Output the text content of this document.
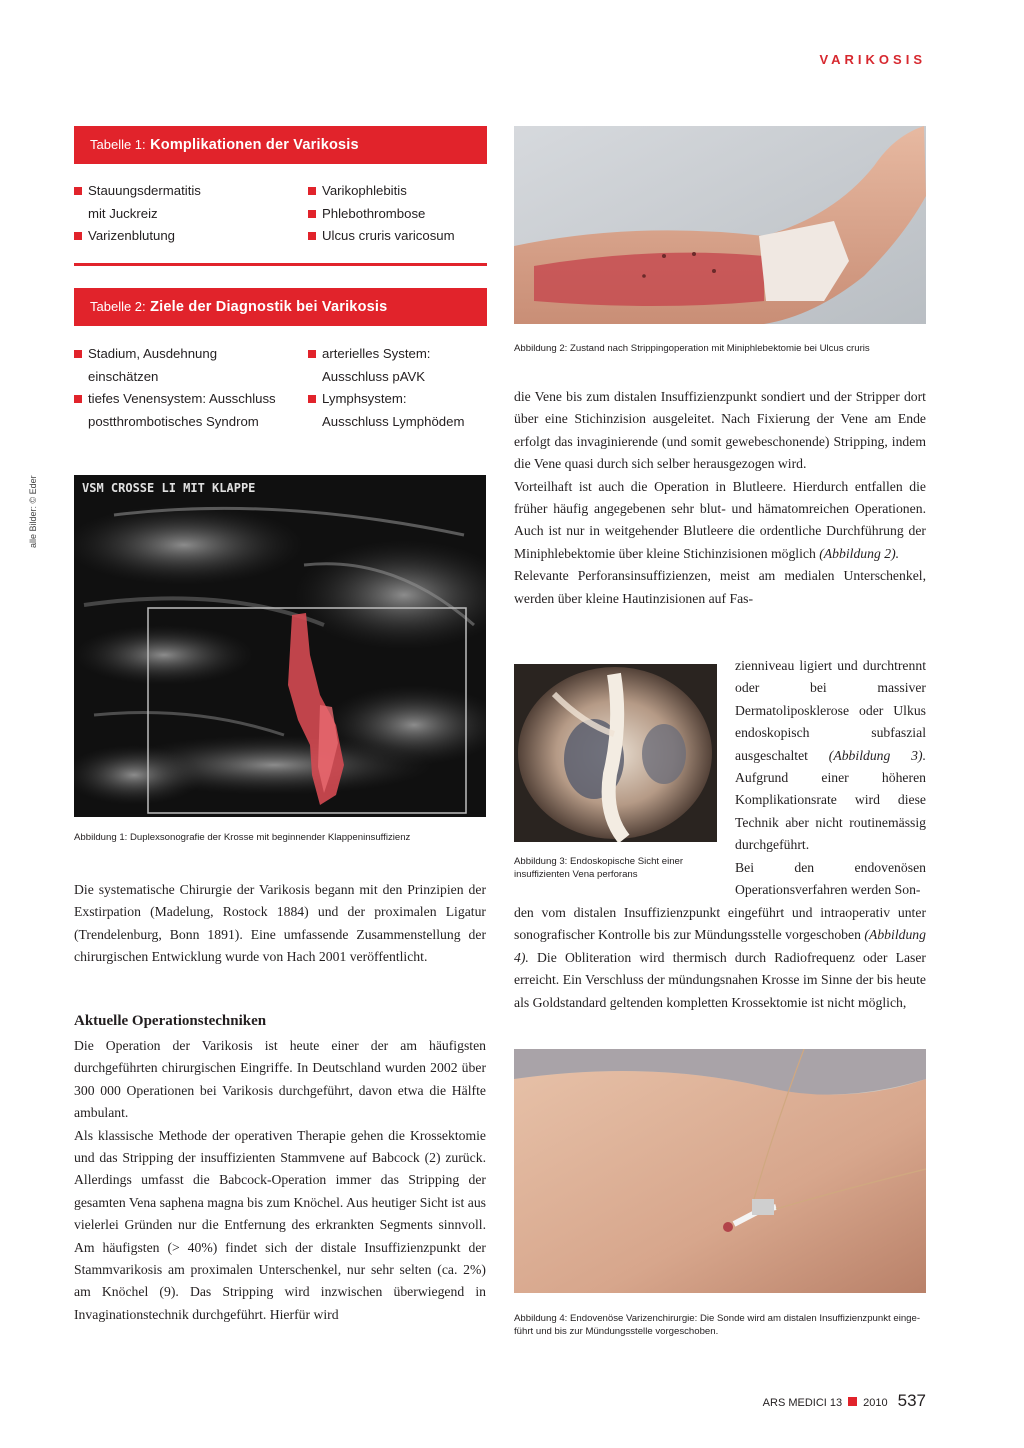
VARIKOSIS
Tabelle 1: Komplikationen der Varikosis
Stauungsdermatitis
mit Juckreiz
Varizenblutung
Varikophlebitis
Phlebothrombose
Ulcus cruris varicosum
Tabelle 2: Ziele der Diagnostik bei Varikosis
Stadium, Ausdehnung
einschätzen
tiefes Venensystem: Ausschluss
postthrombotisches Syndrom
arterielles System:
Ausschluss pAVK
Lymphsystem:
Ausschluss Lymphödem
alle Bilder: © Eder	VSM CROSSE LI MIT KLAPPE
Abbildung 1: Duplexsonografie der Krosse mit beginnender Klappeninsuffizienz
Abbildung 2: Zustand nach Strippingoperation mit Miniphlebektomie bei Ulcus cruris

die Vene bis zum distalen Insuffizienzpunkt sondiert und der Stripper dort über eine Stichinzision ausgeleitet. Nach Fixierung der Vene am Ende erfolgt das invaginierende (und somit gewebeschonende) Stripping, indem die Vene quasi durch sich selber herausgezogen wird.

Vorteilhaft ist auch die Operation in Blutleere. Hierdurch entfallen die früher häufig angegebenen sehr blut- und hämatomreichen Operationen. Auch ist nur in weitgehender Blutleere die ordentliche Durchführung der Miniphlebektomie über kleine Stichinzisionen möglich (Abbildung 2).

Relevante Perforansinsuffizienzen, meist am medialen Unterschenkel, werden über kleine Hautinzisionen auf Fas-

Abbildung 3: Endoskopische Sicht einer
insuffizienten Vena perforans

zienniveau ligiert und durchtrennt oder bei massiver Dermatoliposklerose oder Ulkus endoskopisch subfaszial ausgeschaltet (Abbildung 3). Aufgrund einer höheren Komplikationsrate wird diese Technik aber nicht routinemässig durchgeführt.

Bei den endovenösen Operationsverfahren werden Son-

den vom distalen Insuffizienzpunkt eingeführt und intraoperativ unter sonografischer Kontrolle bis zur Mündungsstelle vorgeschoben (Abbildung 4). Die Obliteration wird thermisch durch Radiofrequenz oder Laser erreicht. Ein Verschluss der mündungsnahen Krosse im Sinne der bis heute als Goldstandard geltenden kompletten Krossektomie ist nicht möglich,

Abbildung 4: Endovenöse Varizenchirurgie: Die Sonde wird am distalen Insuffizienzpunkt einge-
führt und bis zur Mündungsstelle vorgeschoben.

Die systematische Chirurgie der Varikosis begann mit den Prinzipien der Exstirpation (Madelung, Rostock 1884) und der proximalen Ligatur (Trendelenburg, Bonn 1891). Eine umfassende Zusammenstellung der chirurgischen Entwicklung wurde von Hach 2001 veröffentlicht.

Aktuelle Operationstechniken

Die Operation der Varikosis ist heute einer der am häufigsten durchgeführten chirurgischen Eingriffe. In Deutschland wurden 2002 über 300 000 Operationen bei Varikosis durchgeführt, davon etwa die Hälfte ambulant.

Als klassische Methode der operativen Therapie gehen die Krossektomie und das Stripping der insuffizienten Stammvene auf Babcock (2) zurück. Allerdings umfasst die Babcock-Operation immer das Stripping der gesamten Vena saphena magna bis zum Knöchel. Aus heutiger Sicht ist aus vielerlei Gründen nur die Entfernung des erkrankten Segments sinnvoll. Am häufigsten (> 40%) findet sich der distale Insuffizienzpunkt der Stammvarikosis am proximalen Unterschenkel, nur sehr selten (ca. 2%) am Knöchel (9). Das Stripping wird inzwischen überwiegend in Invaginationstechnik durchgeführt. Hierfür wird

ARS MEDICI 13 2010 537
